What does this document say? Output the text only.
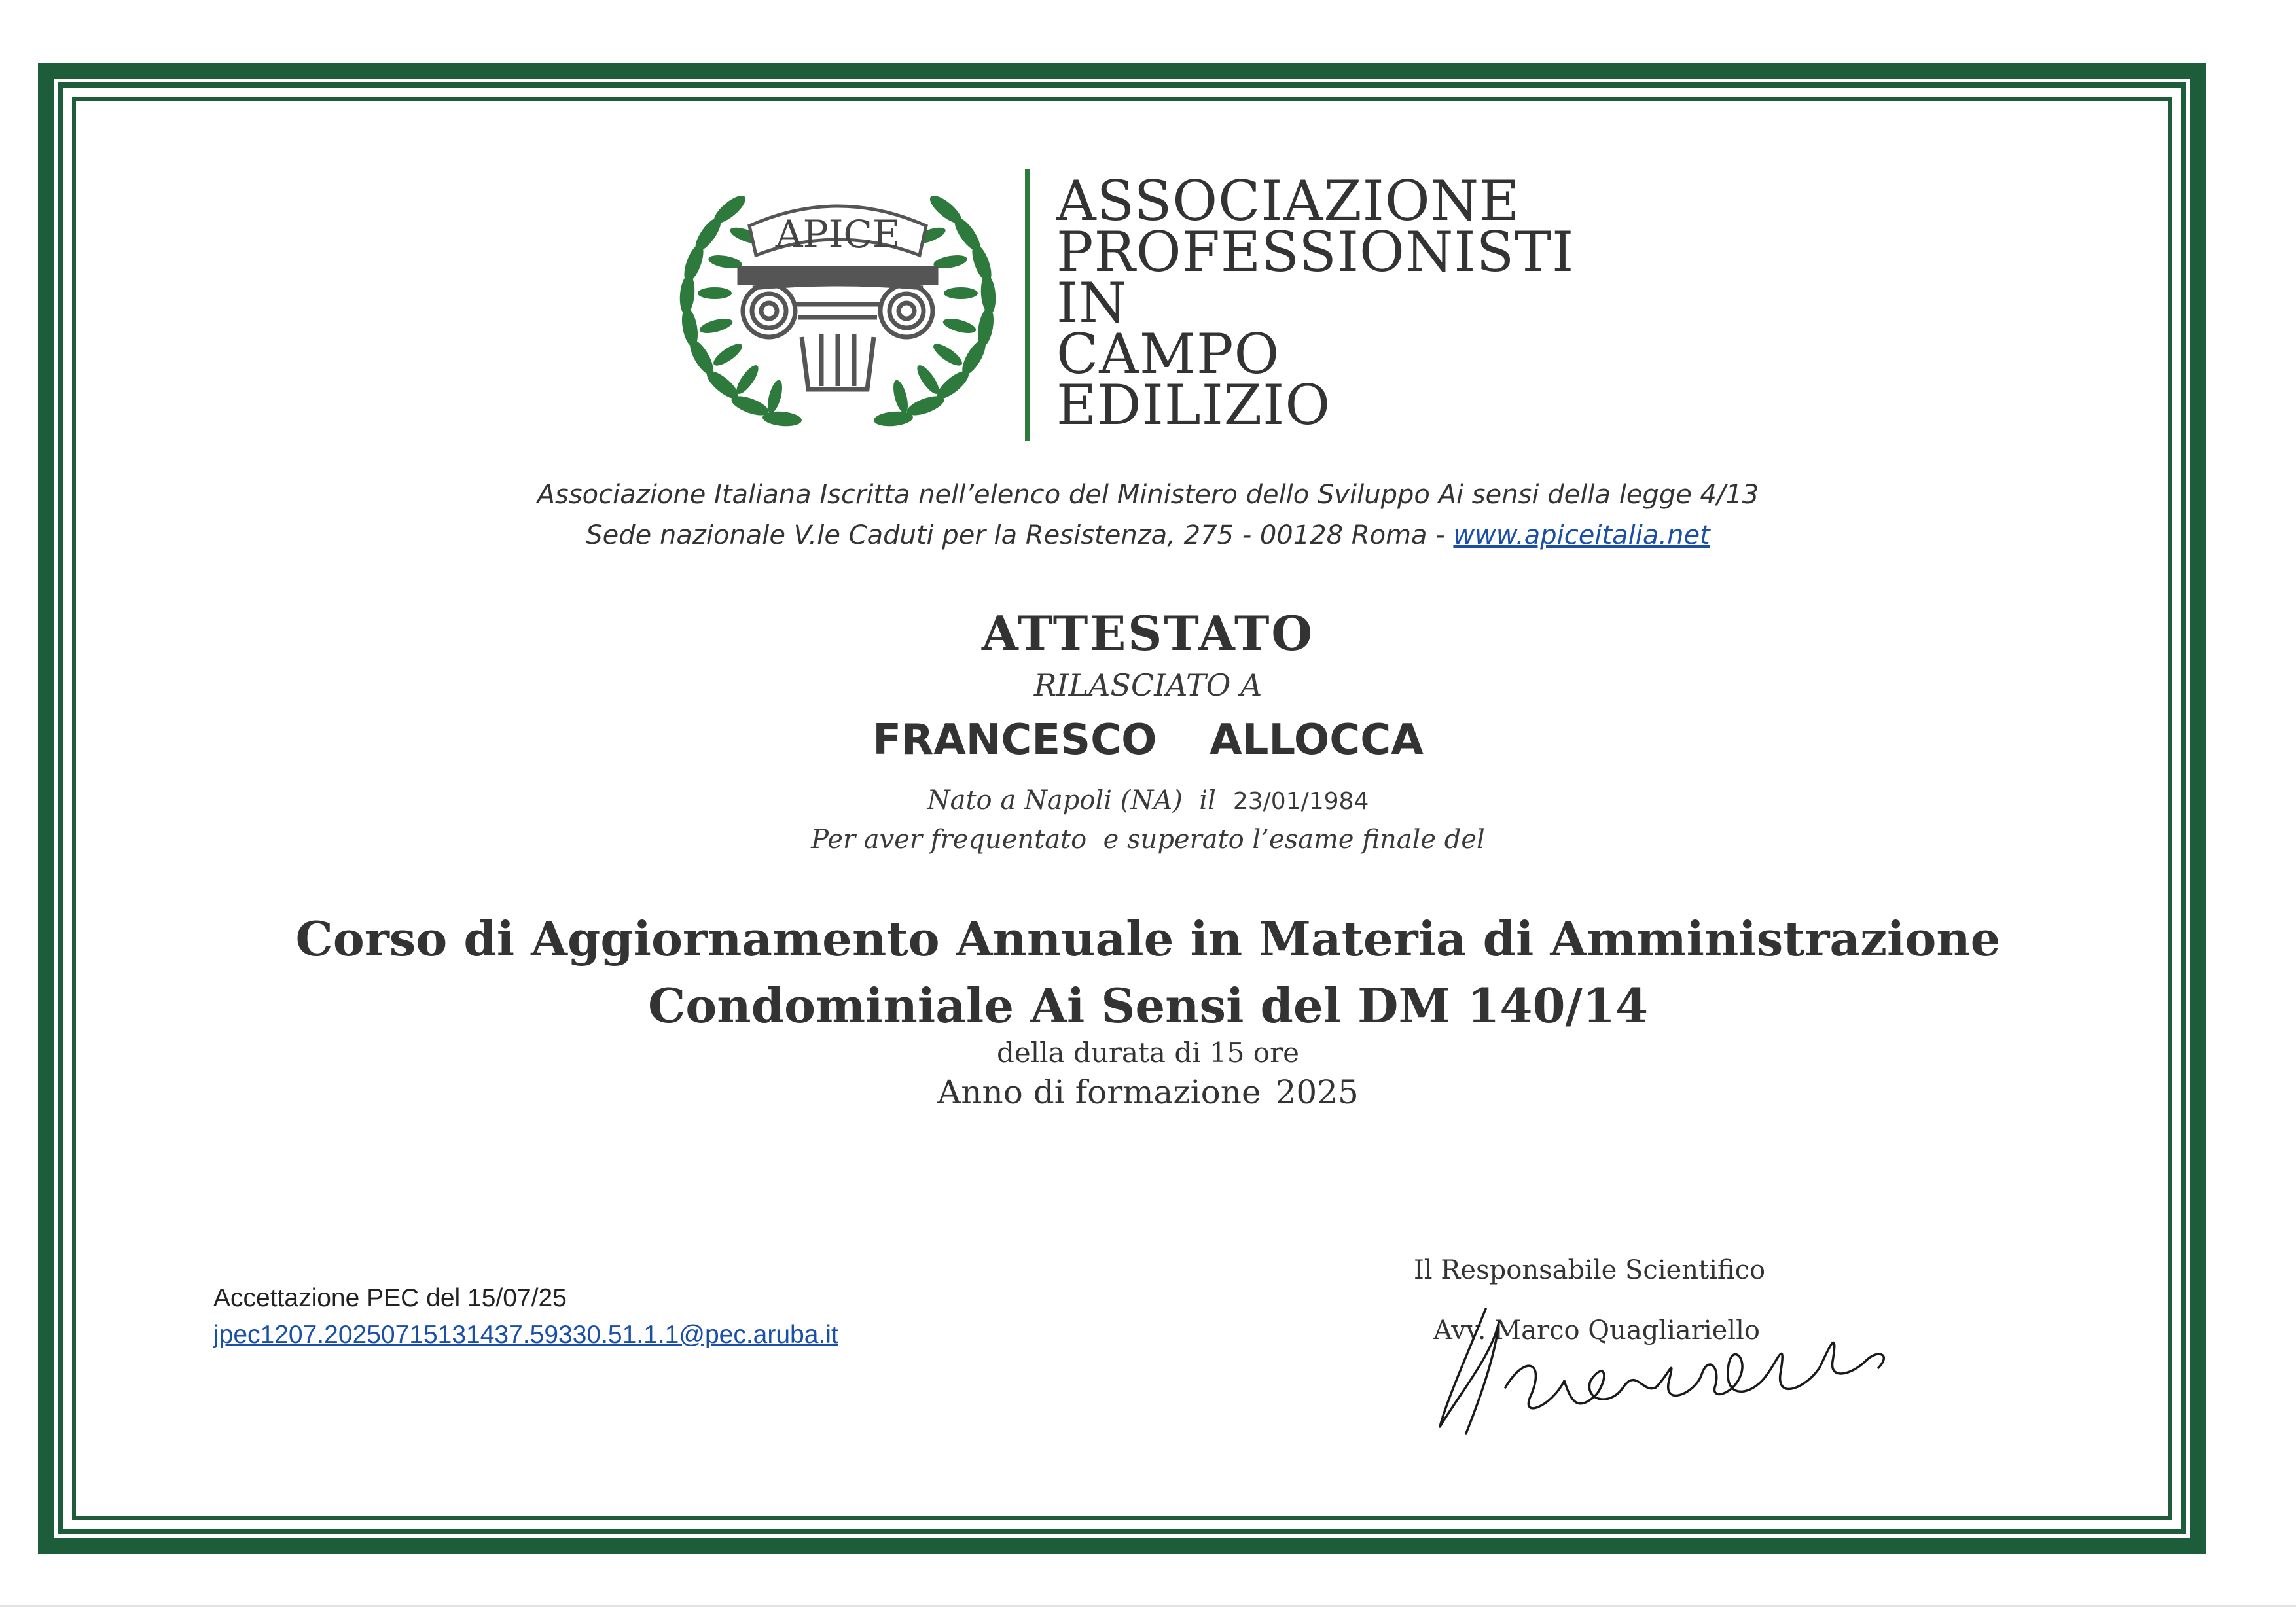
APICE
ASSOCIAZIONE
PROFESSIONISTI
IN
CAMPO
EDILIZIO
Associazione Italiana Iscritta nell’elenco del Ministero dello Sviluppo Ai sensi della legge 4/13
Sede nazionale V.le Caduti per la Resistenza, 275 - 00128 Roma - www.apiceitalia.net
ATTESTATO
RILASCIATO A
FRANCESCO  ALLOCCA
Nato a Napoli (NA)  il 23/01/1984
Per aver frequentato  e superato l’esame finale del
Corso di Aggiornamento Annuale in Materia di Amministrazione
Condominiale Ai Sensi del DM 140/14
della durata di 15 ore
Anno di formazione 2025
Accettazione PEC del 15/07/25
jpec1207.20250715131437.59330.51.1.1@pec.aruba.it
Il Responsabile Scientifico
Avv. Marco Quagliariello
